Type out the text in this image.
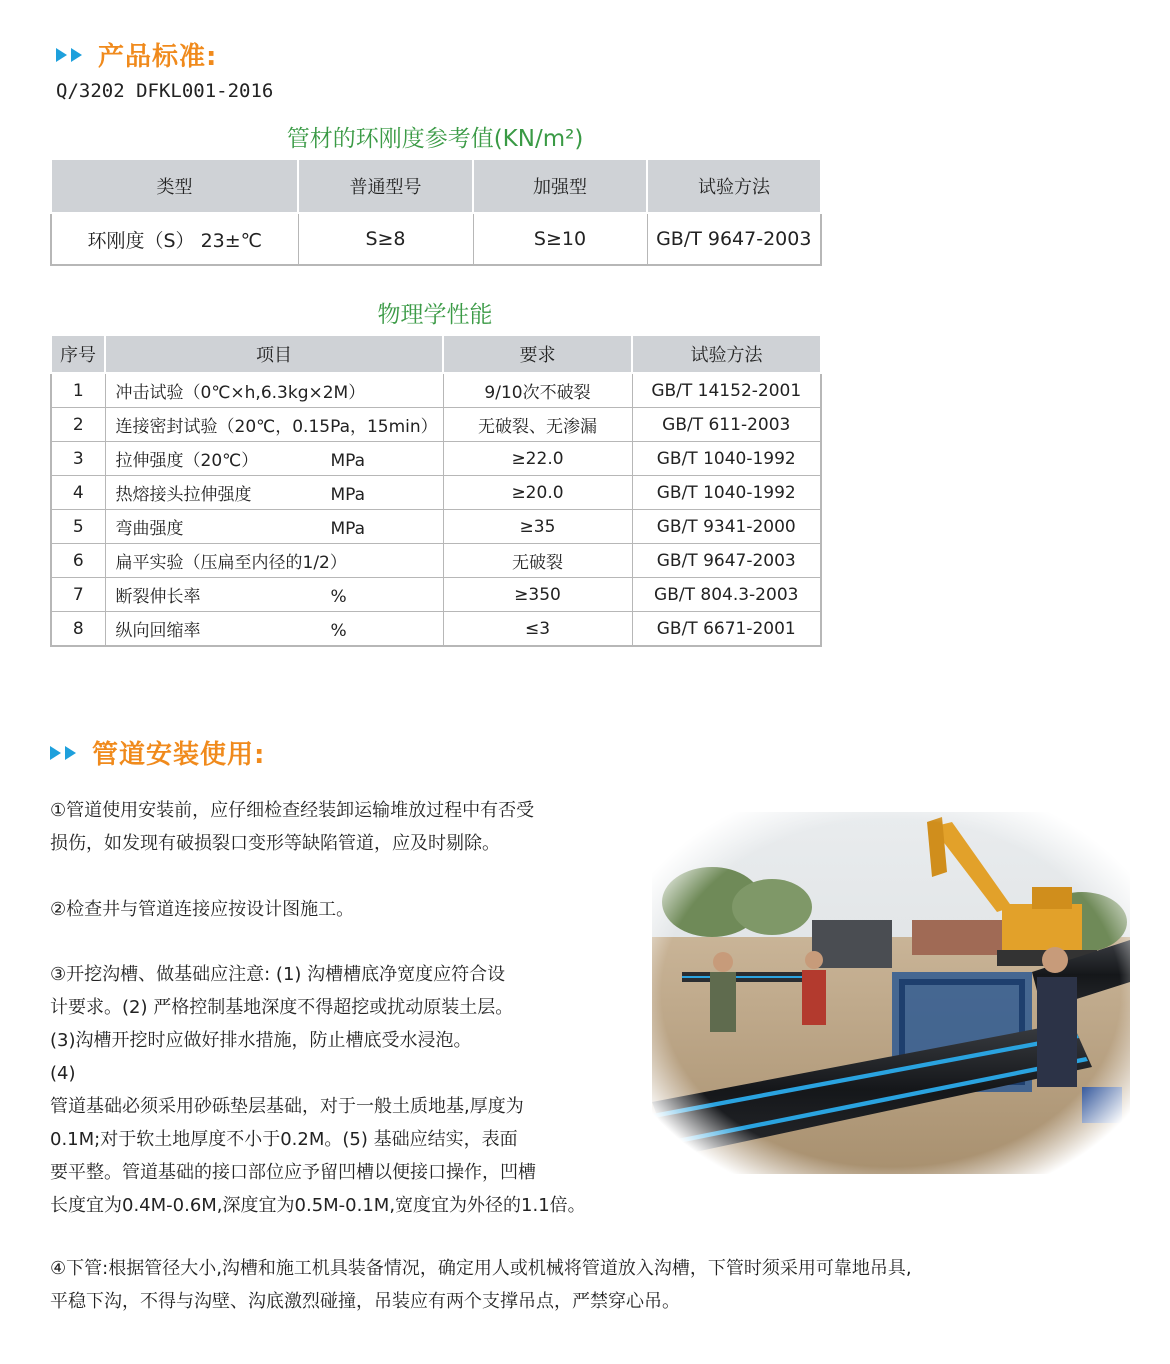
产品标准:
Q/3202 DFKL001-2016
管材的环刚度参考值(KN/m²)
类型	普通型号	加强型	试验方法
环刚度（S） 23±℃	S≥8	S≥10	GB/T 9647-2003
物理学性能
序号	项目	要求	试验方法
1	冲击试验（0℃×h,6.3kg×2M）	9/10次不破裂	GB/T 14152-2001
2	连接密封试验（20℃，0.15Pa，15min）	无破裂、无渗漏	GB/T 611-2003
3	拉伸强度（20℃） MPa	≥22.0	GB/T 1040-1992
4	热熔接头拉伸强度 MPa	≥20.0	GB/T 1040-1992
5	弯曲强度 MPa	≥35	GB/T 9341-2000
6	扁平实验（压扁至内径的1/2）	无破裂	GB/T 9647-2003
7	断裂伸长率 %	≥350	GB/T 804.3-2003
8	纵向回缩率 %	≤3	GB/T 6671-2001
管道安装使用:
①管道使用安装前，应仔细检查经装卸运输堆放过程中有否受
损伤，如发现有破损裂口变形等缺陷管道，应及时剔除。
②检查井与管道连接应按设计图施工。
③开挖沟槽、做基础应注意: (1) 沟槽槽底净宽度应符合设
计要求。(2) 严格控制基地深度不得超挖或扰动原装土层。
(3)沟槽开挖时应做好排水措施，防止槽底受水浸泡。
(4)
管道基础必须采用砂砾垫层基础，对于一般土质地基,厚度为
0.1M;对于软土地厚度不小于0.2M。(5) 基础应结实，表面
要平整。管道基础的接口部位应予留凹槽以便接口操作，凹槽
长度宜为0.4M-0.6M,深度宜为0.5M-0.1M,宽度宜为外径的1.1倍。
④下管:根据管径大小,沟槽和施工机具装备情况，确定用人或机械将管道放入沟槽，下管时须采用可靠地吊具,
平稳下沟，不得与沟壁、沟底激烈碰撞，吊装应有两个支撑吊点，严禁穿心吊。
